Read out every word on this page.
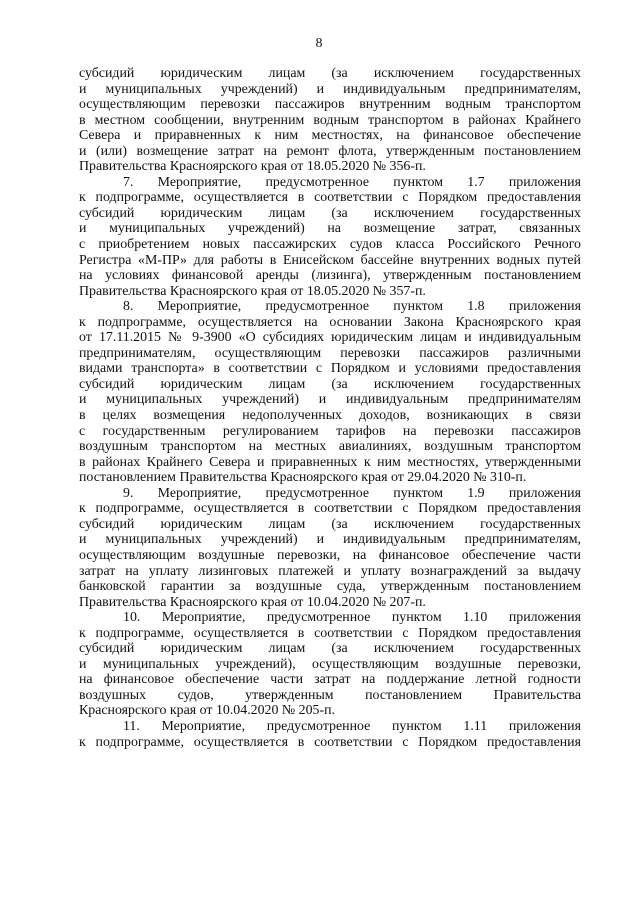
8
субсидий юридическим лицам (за исключением государственных
и муниципальных учреждений) и индивидуальным предпринимателям,
осуществляющим перевозки пассажиров внутренним водным транспортом
в местном сообщении, внутренним водным транспортом в районах Крайнего
Севера и приравненных к ним местностях, на финансовое обеспечение
и (или) возмещение затрат на ремонт флота, утвержденным постановлением
Правительства Красноярского края от 18.05.2020 № 356-п.
7. Мероприятие, предусмотренное пунктом 1.7 приложения
к подпрограмме, осуществляется в соответствии с Порядком предоставления
субсидий юридическим лицам (за исключением государственных
и муниципальных учреждений) на возмещение затрат, связанных
с приобретением новых пассажирских судов класса Российского Речного
Регистра «М-ПР» для работы в Енисейском бассейне внутренних водных путей
на условиях финансовой аренды (лизинга), утвержденным постановлением
Правительства Красноярского края от 18.05.2020 № 357-п.
8. Мероприятие, предусмотренное пунктом 1.8 приложения
к подпрограмме, осуществляется на основании Закона Красноярского края
от 17.11.2015 № 9-3900 «О субсидиях юридическим лицам и индивидуальным
предпринимателям, осуществляющим перевозки пассажиров различными
видами транспорта» в соответствии с Порядком и условиями предоставления
субсидий юридическим лицам (за исключением государственных
и муниципальных учреждений) и индивидуальным предпринимателям
в целях возмещения недополученных доходов, возникающих в связи
с государственным регулированием тарифов на перевозки пассажиров
воздушным транспортом на местных авиалиниях, воздушным транспортом
в районах Крайнего Севера и приравненных к ним местностях, утвержденными
постановлением Правительства Красноярского края от 29.04.2020 № 310-п.
9. Мероприятие, предусмотренное пунктом 1.9 приложения
к подпрограмме, осуществляется в соответствии с Порядком предоставления
субсидий юридическим лицам (за исключением государственных
и муниципальных учреждений) и индивидуальным предпринимателям,
осуществляющим воздушные перевозки, на финансовое обеспечение части
затрат на уплату лизинговых платежей и уплату вознаграждений за выдачу
банковской гарантии за воздушные суда, утвержденным постановлением
Правительства Красноярского края от 10.04.2020 № 207-п.
10. Мероприятие, предусмотренное пунктом 1.10 приложения
к подпрограмме, осуществляется в соответствии с Порядком предоставления
субсидий юридическим лицам (за исключением государственных
и муниципальных учреждений), осуществляющим воздушные перевозки,
на финансовое обеспечение части затрат на поддержание летной годности
воздушных судов, утвержденным постановлением Правительства
Красноярского края от 10.04.2020 № 205-п.
11. Мероприятие, предусмотренное пунктом 1.11 приложения
к подпрограмме, осуществляется в соответствии с Порядком предоставления
